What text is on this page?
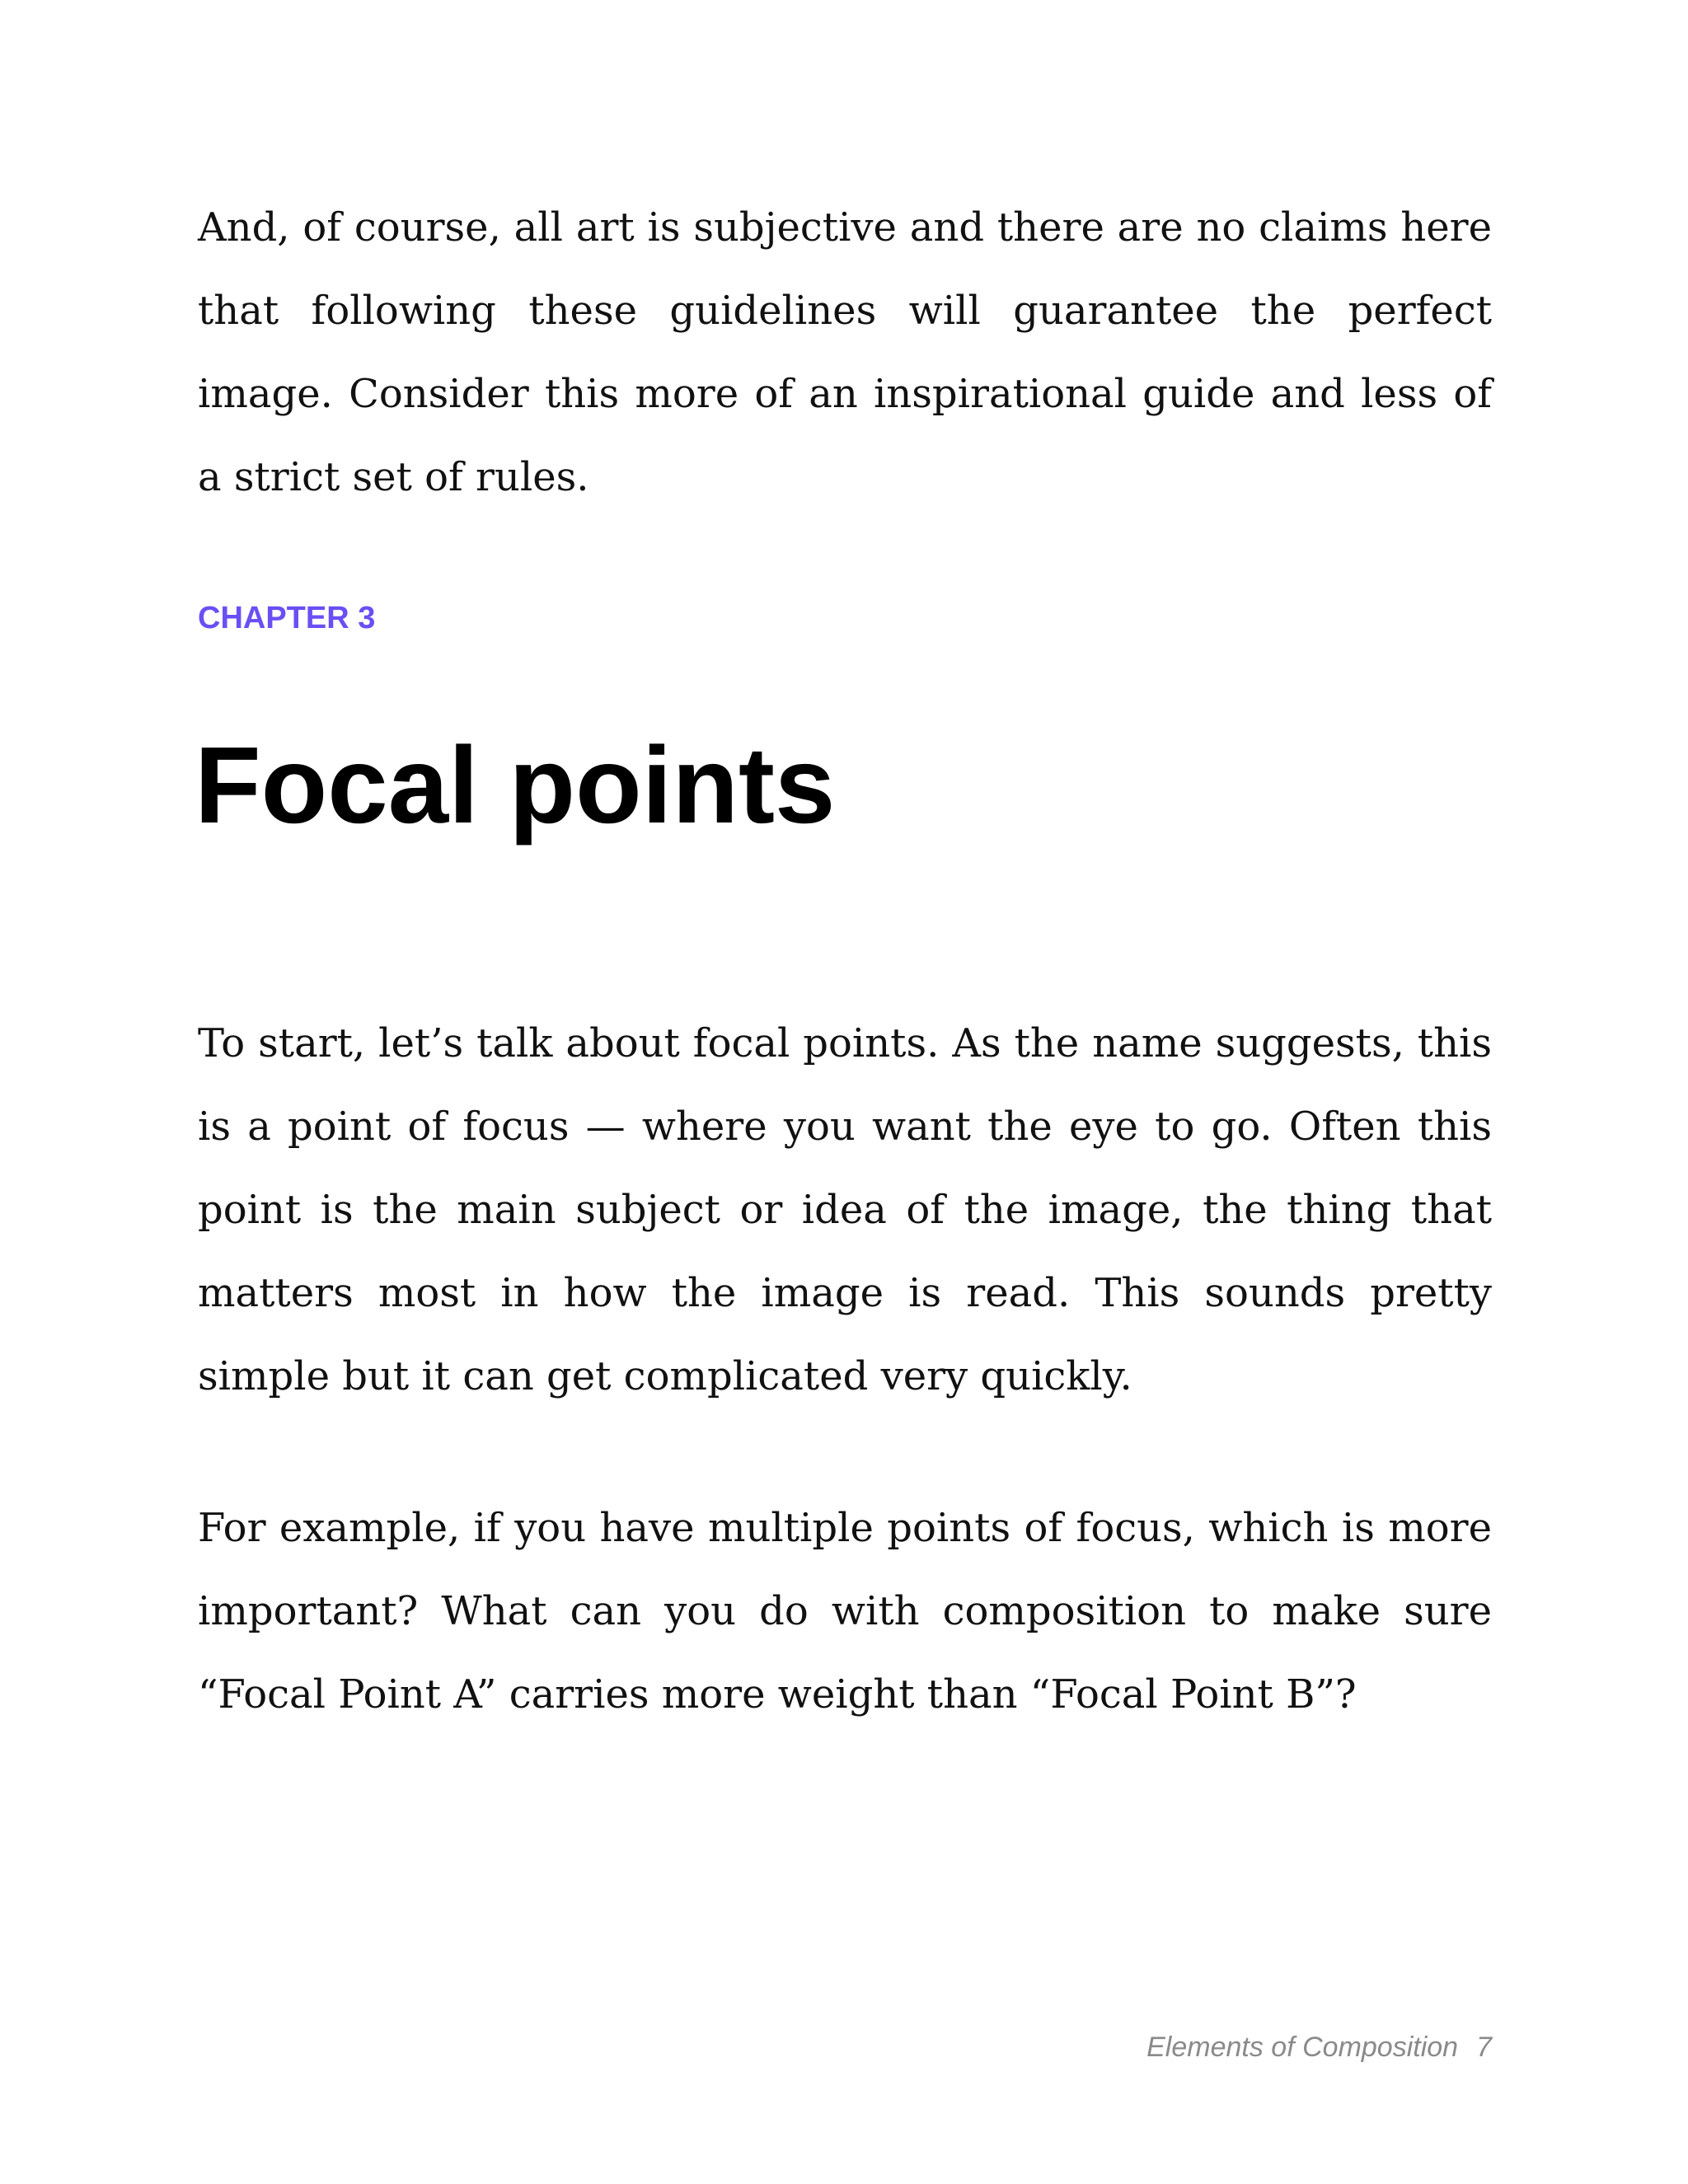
And, of course, all art is subjective and there are no claims here that following these guidelines will guarantee the perfect image. Consider this more of an inspirational guide and less of a strict set of rules.

CHAPTER 3
Focal points

To start, let’s talk about focal points. As the name suggests, this is a point of focus — where you want the eye to go. Often this point is the main subject or idea of the image, the thing that matters most in how the image is read. This sounds pretty simple but it can get complicated very quickly.

For example, if you have multiple points of focus, which is more important? What can you do with composition to make sure “Focal Point A” carries more weight than “Focal Point B”?

Elements of Composition 7
